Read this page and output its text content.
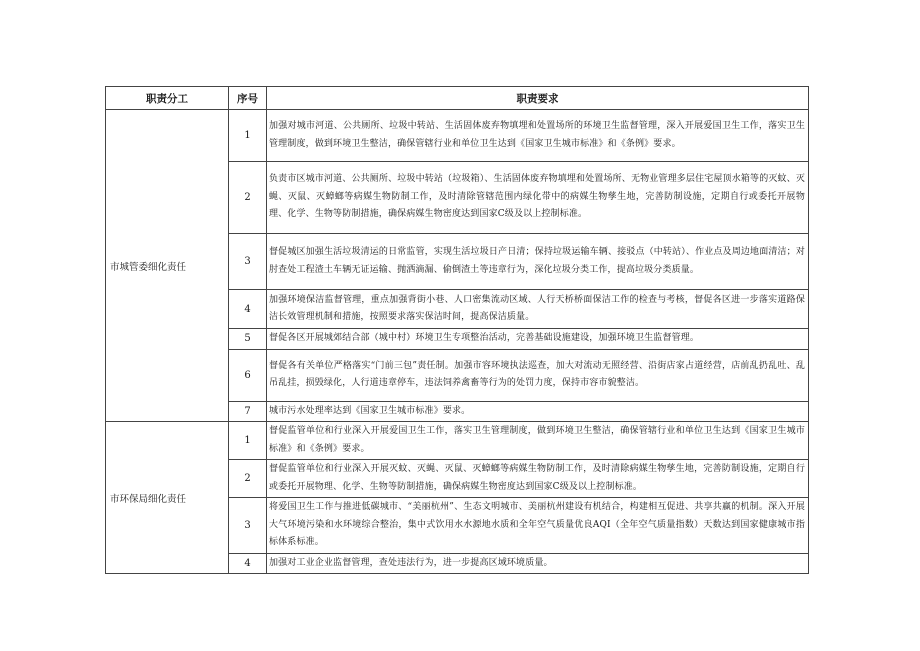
职责分工	序号	职责要求
市城管委细化责任	1	加强对城市河道、公共厕所、垃圾中转站、生活固体废弃物填埋和处置场所的环境卫生监督管理，深入开展爱国卫生工作，落实卫生管理制度，做到环境卫生整洁，确保管辖行业和单位卫生达到《国家卫生城市标准》和《条例》要求。
	2	负责市区城市河道、公共厕所、垃圾中转站（垃圾箱）、生活固体废弃物填埋和处置场所、无物业管理多层住宅屋顶水箱等的灭蚊、灭蝇、灭鼠、灭蟑螂等病媒生物防制工作，及时清除管辖范围内绿化带中的病媒生物孳生地，完善防制设施，定期自行或委托开展物理、化学、生物等防制措施，确保病媒生物密度达到国家C级及以上控制标准。
	3	督促城区加强生活垃圾清运的日常监管，实现生活垃圾日产日清；保持垃圾运输车辆、接驳点（中转站）、作业点及周边地面清洁；对肘查处工程渣土车辆无证运输、抛洒滴漏、偷倒渣土等违章行为，深化垃圾分类工作，提高垃圾分类质量。
	4	加强环境保洁监督管理，重点加强背街小巷、人口密集流动区域、人行天桥桥面保洁工作的检查与考核，督促各区进一步落实道路保洁长效管理机制和措施，按照要求落实保洁时间，提高保洁质量。
	5	督促各区开展城郊结合部（城中村）环境卫生专项整治活动，完善基础设施建设，加强环境卫生监督管理。
	6	督促各有关单位严格落实“门前三包”责任制。加强市容环境执法巡查，加大对流动无照经营、沿街店家占道经营，店前乱扔乱吐、乱吊乱挂，损毁绿化，人行道违章停车，违法饲养禽畜等行为的处罚力度，保持市容市貌整洁。
	7	城市污水处理率达到《国家卫生城市标准》要求。
市环保局细化责任	1	督促监管单位和行业深入开展爱国卫生工作，落实卫生管理制度，做到环境卫生整洁，确保管辖行业和单位卫生达到《国家卫生城市标准》和《条例》要求。
	2	督促监管单位和行业深入开展灭蚊、灭蝇、灭鼠、灭蟑螂等病媒生物防制工作，及时清除病媒生物孳生地，完善防制设施，定期自行或委托开展物理、化学、生物等防制措施，确保病媒生物密度达到国家C级及以上控制标准。
	3	将爱国卫生工作与推进低碳城市、“美丽杭州”、生态文明城市、美丽杭州建设有机结合，构建相互促进、共享共赢的机制。深入开展大气环境污染和水环境综合整治，集中式饮用水水源地水质和全年空气质量优良AQI（全年空气质量指数）天数达到国家健康城市指标体系标准。
	4	加强对工业企业监督管理，查处违法行为，进一步提高区域环境质量。
